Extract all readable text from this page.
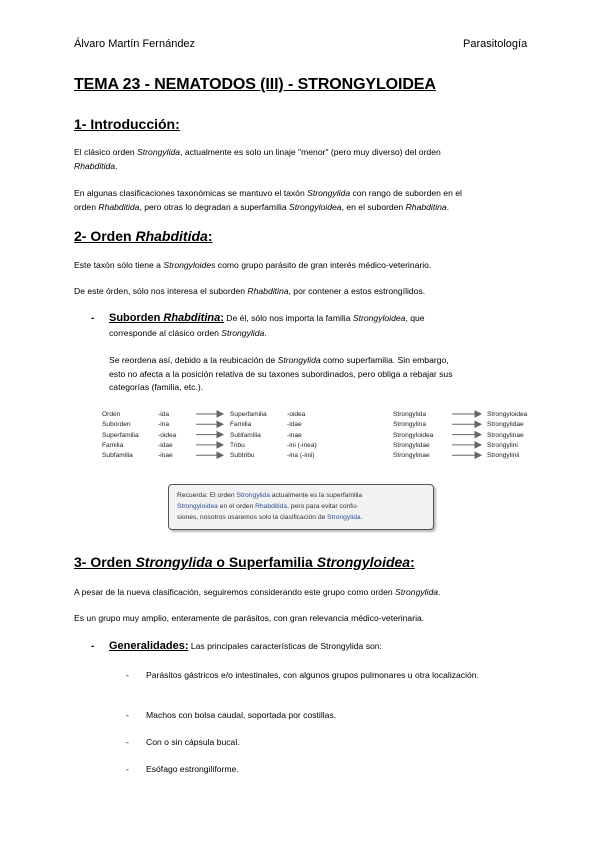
Álvaro Martín Fernández	Parasitología
TEMA 23 - NEMATODOS (III) - STRONGYLOIDEA
1- Introducción:
El clásico orden Strongylida, actualmente es solo un linaje "menor" (pero muy diverso) del orden
Rhabditida.
En algunas clasificaciones taxonómicas se mantuvo el taxón Strongylida con rango de suborden en el
orden Rhabditida, pero otras lo degradan a superfamilia Strongyloidea, en el suborden Rhabditina.
2- Orden Rhabditida:
Este taxón sólo tiene a Strongyloides como grupo parásito de gran interés médico-veterinario.
De este órden, sólo nos interesa el suborden Rhabditina, por contener a estos estrongílidos.
- Suborden Rhabditina: De él, sólo nos importa la familia Strongyloidea, que
corresponde al clásico orden Strongylida.
Se reordena así, debido a la reubicación de Strongylida como superfamilia. Sin embargo,
esto no afecta a la posición relativa de su taxones subordinados, pero obliga a rebajar sus
categorías (familia, etc.).
Orden
Suborden
Superfamilia
Familia
Subfamilia
-ida
-ina
-oidea
-idae
-inae
Superfamilia
Familia
Subfamilia
Tribu
Subtribu
-oidea
-idae
-inae
-ini (-inea)
-ina (-inii)
Strongylida
Strongylina
Strongyloidea
Strongylidae
Strongylinae
Strongyloidea
Strongylidae
Strongylinae
Strongylini
Strongylinii
Recuerda: El orden Strongylida actualmente es la superfamilia
Strongyloidea en el orden Rhabditida, pero para evitar confu-
siones, nosotros usaremos solo la clasificación de Strongylida.
3- Orden Strongylida o Superfamilia Strongyloidea:
A pesar de la nueva clasificación, seguiremos considerando este grupo como orden Strongylida.
Es un grupo muy amplio, enteramente de parásitos, con gran relevancia médico-veterinaria.
- Generalidades: Las principales características de Strongylida son:
- Parásitos gástricos e/o intestinales, con algunos grupos pulmonares u otra localización.
- Machos con bolsa caudal, soportada por costillas.
- Con o sin cápsula bucal.
- Esófago estrongiliforme.
